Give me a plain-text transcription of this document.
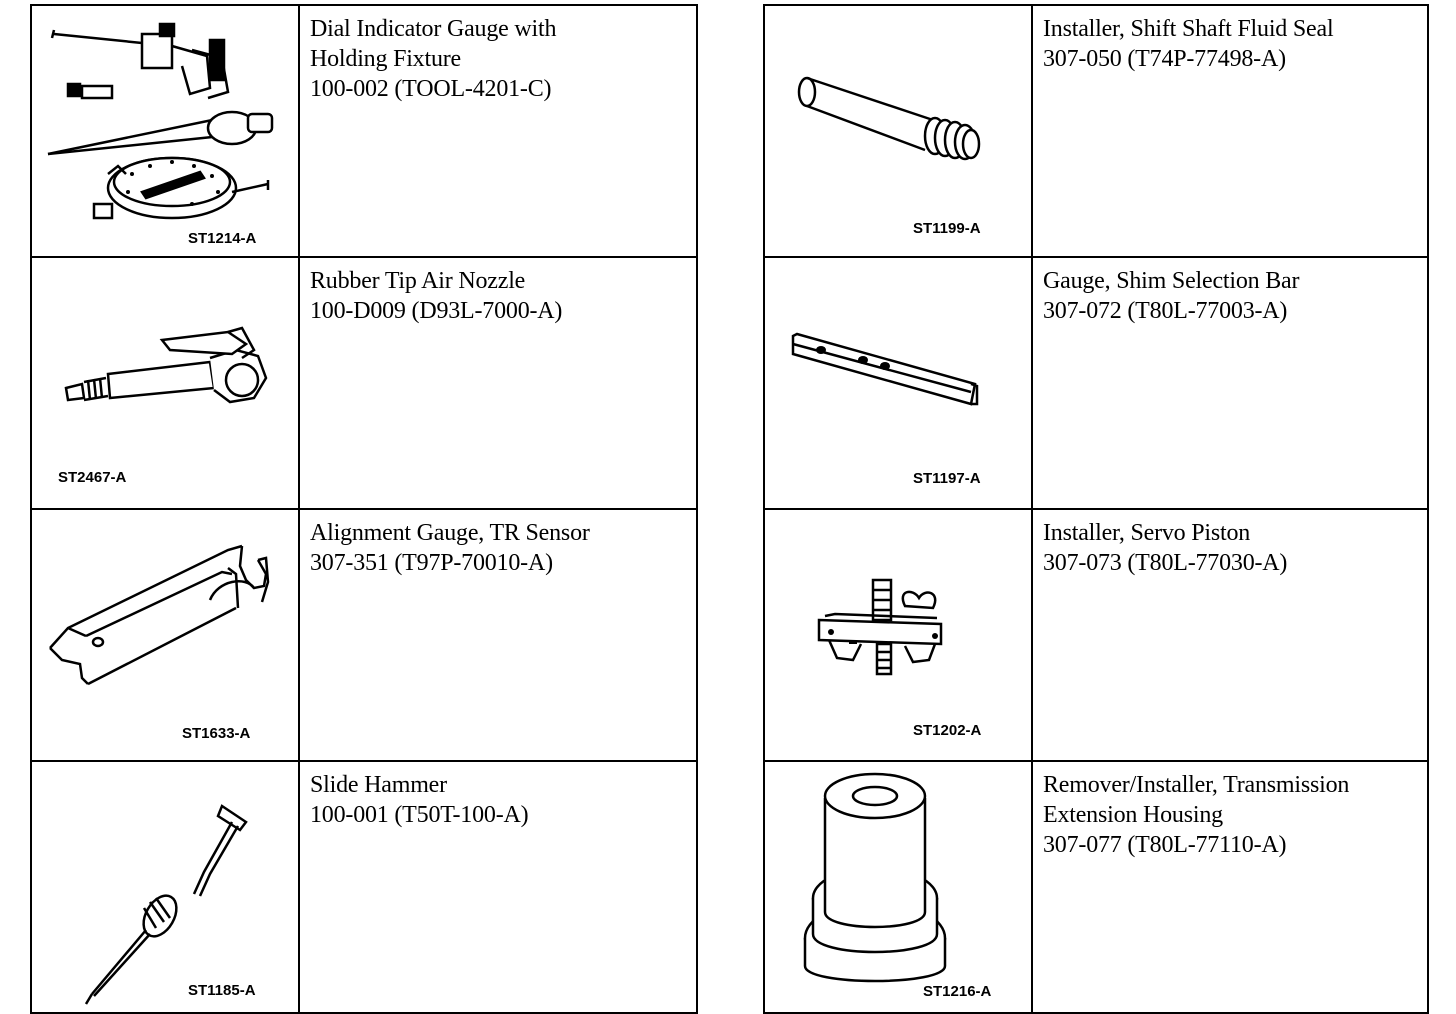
ST1214-A	Dial Indicator Gauge with
Holding Fixture
100-002 (TOOL-4201-C)

ST2467-A	Rubber Tip Air Nozzle
100-D009 (D93L-7000-A)

ST1633-A	Alignment Gauge, TR Sensor
307-351 (T97P-70010-A)

ST1185-A	Slide Hammer
100-001 (T50T-100-A)
ST1199-A	Installer, Shift Shaft Fluid Seal
307-050 (T74P-77498-A)

ST1197-A	Gauge, Shim Selection Bar
307-072 (T80L-77003-A)

ST1202-A	Installer, Servo Piston
307-073 (T80L-77030-A)

ST1216-A	Remover/Installer, Transmission
Extension Housing
307-077 (T80L-77110-A)
